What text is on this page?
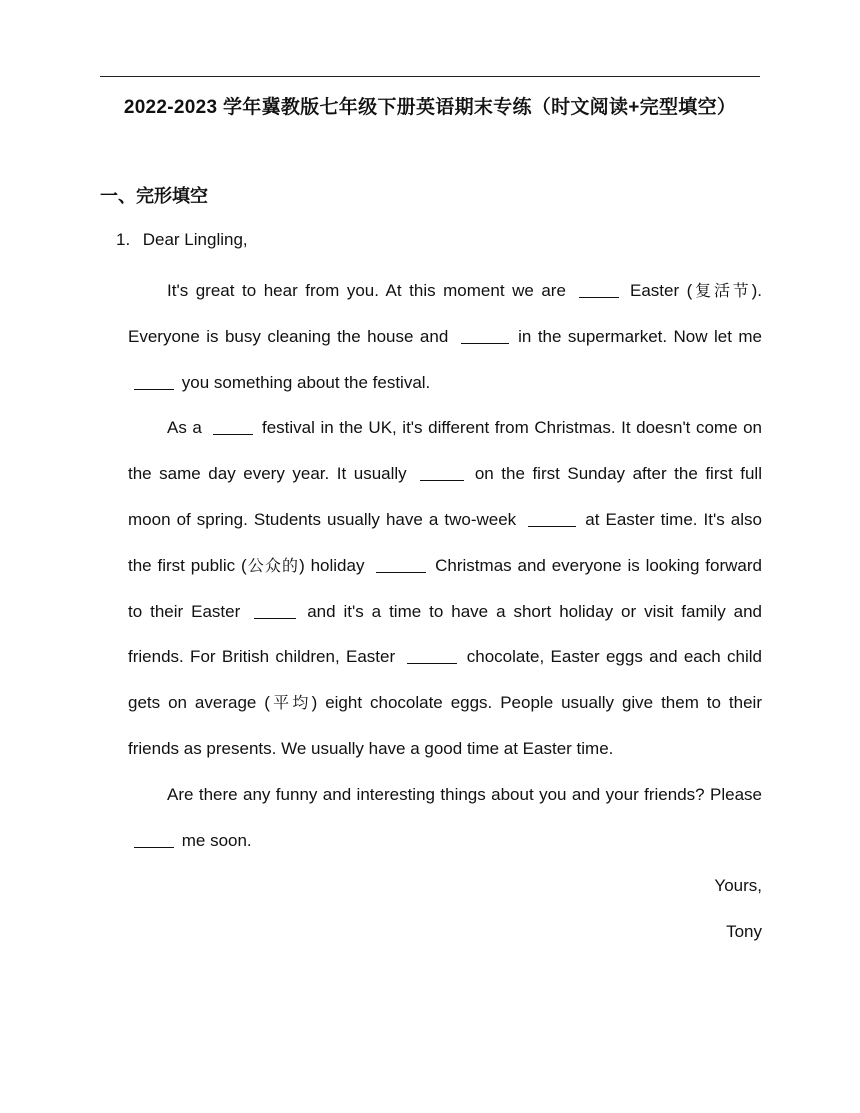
2022-2023 学年冀教版七年级下册英语期末专练（时文阅读+完型填空）
一、完形填空
1. Dear Lingling,

It's great to hear from you. At this moment we are	Easter (复活节). Everyone is busy cleaning the house and	in the supermarket. Now let me  you something about the festival.

As a	festival in the UK, it's different from Christmas. It doesn't come on the same day every year. It usually	on the first Sunday after the first full moon of spring. Students usually have a two-week	at Easter time. It's also the first public (公众的) holiday	Christmas and everyone is looking forward to their Easter	and it's a time to have a short holiday or visit family and friends. For British children, Easter	chocolate, Easter eggs and each child gets on average (平均) eight chocolate eggs. People usually give them to their friends as presents. We usually have a good time at Easter time.

Are there any funny and interesting things about you and your friends? Please  me soon.

Yours,

Tony
